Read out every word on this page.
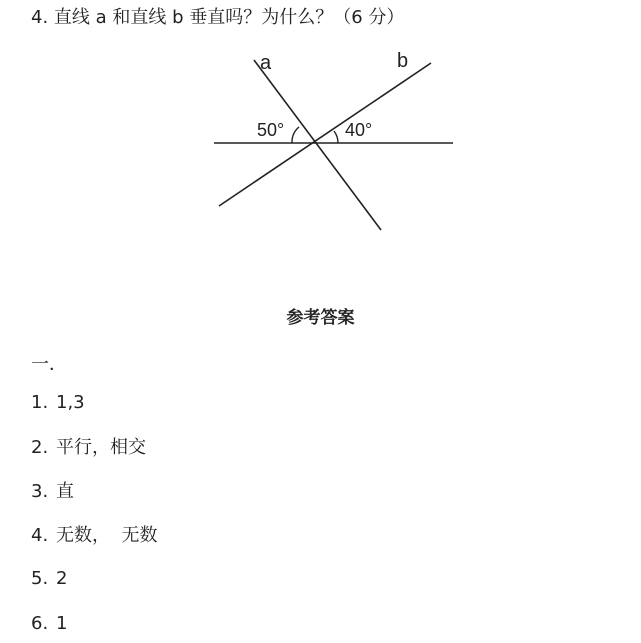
4. 直线 a 和直线 b 垂直吗？为什么？（6 分）
a	b
50°	40°
参考答案
一．
1. 1,3
2. 平行，相交
3. 直
4. 无数，  无数
5. 2
6. 1
